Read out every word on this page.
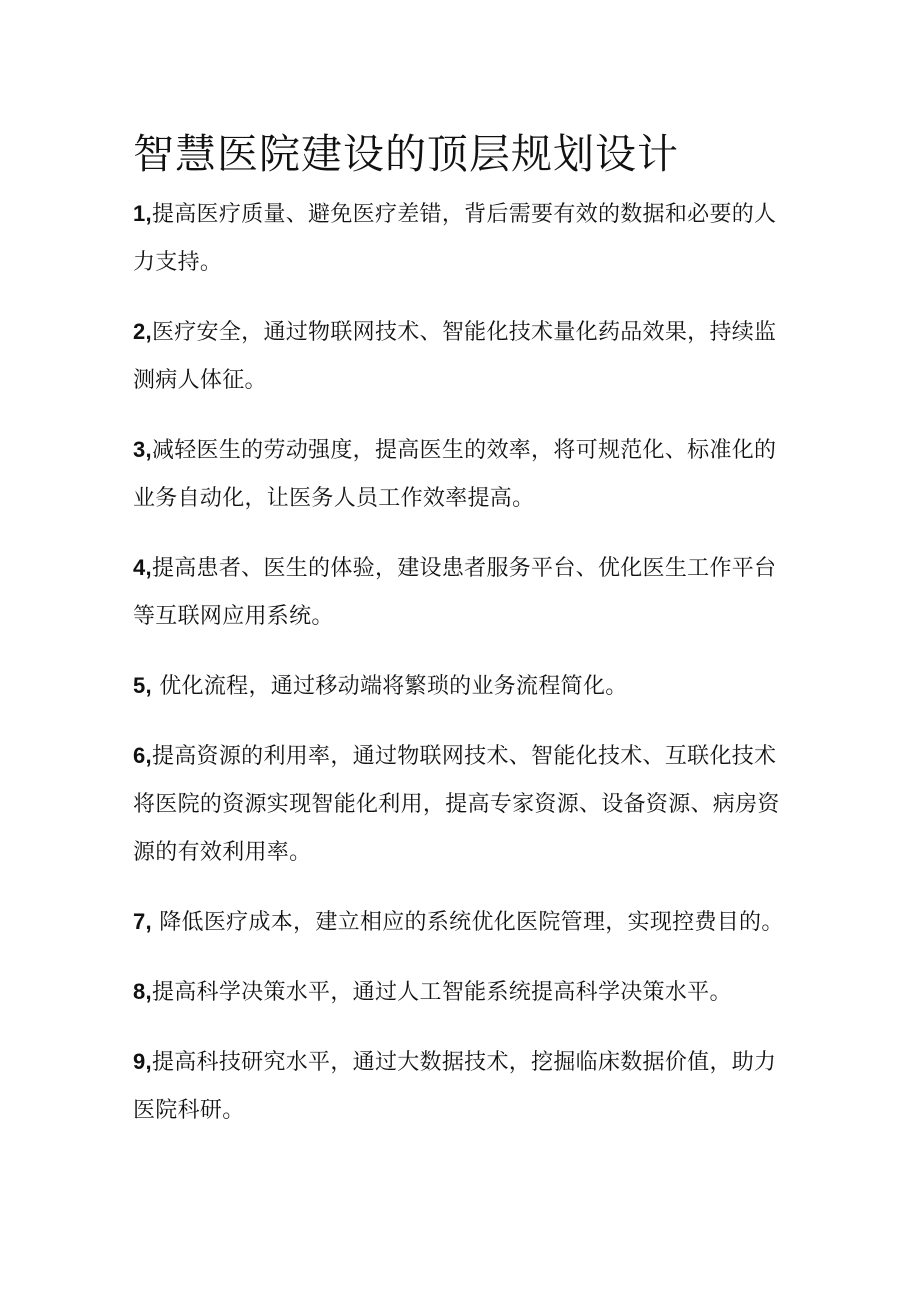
智慧医院建设的顶层规划设计
1,提高医疗质量、避免医疗差错，背后需要有效的数据和必要的人力支持。
2,医疗安全，通过物联网技术、智能化技术量化药品效果，持续监测病人体征。
3,减轻医生的劳动强度，提高医生的效率，将可规范化、标准化的业务自动化，让医务人员工作效率提高。
4,提高患者、医生的体验，建设患者服务平台、优化医生工作平台等互联网应用系统。
5, 优化流程，通过移动端将繁琐的业务流程简化。
6,提高资源的利用率，通过物联网技术、智能化技术、互联化技术将医院的资源实现智能化利用，提高专家资源、设备资源、病房资源的有效利用率。
7, 降低医疗成本，建立相应的系统优化医院管理，实现控费目的。
8,提高科学决策水平，通过人工智能系统提高科学决策水平。
9,提高科技研究水平，通过大数据技术，挖掘临床数据价值，助力医院科研。
